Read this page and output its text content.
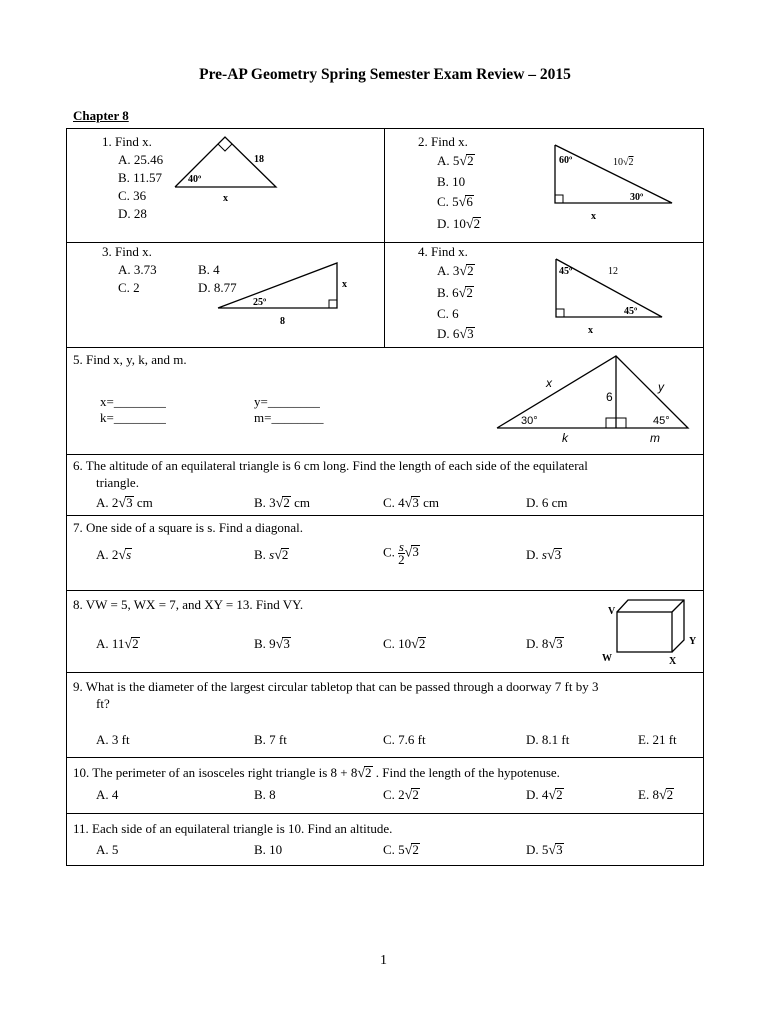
Pre-AP Geometry Spring Semester Exam Review – 2015
Chapter 8
1. Find x.
A. 25.46
B. 11.57
C. 36
D. 28
18
40º
x
2. Find x.
A. 5√2
B. 10
C. 5√6
D. 10√2
60º	10√2
30º
x
3. Find x.
A. 3.73	B. 4
C. 2	D. 8.77	x
25º
8
4. Find x.
A. 3√2
B. 6√2
C. 6
D. 6√3
45º	12
45º
x
5. Find x, y, k, and m.
x=________	y=________
k=________	m=________
x	y
6
30°	45°
k	m
6. The altitude of an equilateral triangle is 6 cm long. Find the length of each side of the equilateral
triangle.
A. 2√3 cm	B. 3√2 cm	C. 4√3 cm	D. 6 cm
7. One side of a square is s. Find a diagonal.
A. 2√s	B. s√2	C. $\frac{s}{2} √3$	D. s√3
8. VW = 5, WX = 7, and XY = 13. Find VY.
A. 11√2	B. 9√3	C. 10√2	D. 8√3
V
W	X
Y
9. What is the diameter of the largest circular tabletop that can be passed through a doorway 7 ft by 3
ft?
A. 3 ft	B. 7 ft	C. 7.6 ft	D. 8.1 ft	E. 21 ft
10. The perimeter of an isosceles right triangle is 8 + 8√2 . Find the length of the hypotenuse.
A. 4	B. 8	C. 2√2	D. 4√2	E. 8√2
11. Each side of an equilateral triangle is 10. Find an altitude.
A. 5	B. 10	C. 5√2	D. 5√3
1
